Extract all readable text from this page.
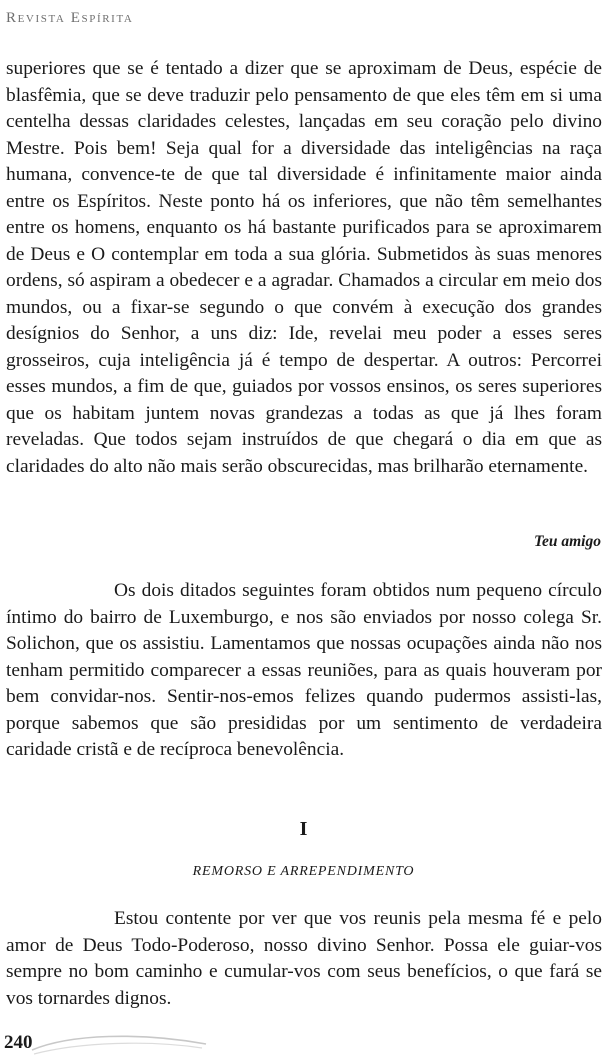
Revista Espírita
superiores que se é tentado a dizer que se aproximam de Deus, espécie de blasfêmia, que se deve traduzir pelo pensamento de que eles têm em si uma centelha dessas claridades celestes, lançadas em seu coração pelo divino Mestre. Pois bem! Seja qual for a diversidade das inteligências na raça humana, convence-te de que tal diversidade é infinitamente maior ainda entre os Espíritos. Neste ponto há os inferiores, que não têm semelhantes entre os homens, enquanto os há bastante purificados para se aproximarem de Deus e O contemplar em toda a sua glória. Submetidos às suas menores ordens, só aspiram a obedecer e a agradar. Chamados a circular em meio dos mundos, ou a fixar-se segundo o que convém à execução dos grandes desígnios do Senhor, a uns diz: Ide, revelai meu poder a esses seres grosseiros, cuja inteligência já é tempo de despertar. A outros: Percorrei esses mundos, a fim de que, guiados por vossos ensinos, os seres superiores que os habitam juntem novas grandezas a todas as que já lhes foram reveladas. Que todos sejam instruídos de que chegará o dia em que as claridades do alto não mais serão obscurecidas, mas brilharão eternamente.
Teu amigo
Os dois ditados seguintes foram obtidos num pequeno círculo íntimo do bairro de Luxemburgo, e nos são enviados por nosso colega Sr. Solichon, que os assistiu. Lamentamos que nossas ocupações ainda não nos tenham permitido comparecer a essas reuniões, para as quais houveram por bem convidar-nos. Sentir-nos-emos felizes quando pudermos assisti-las, porque sabemos que são presididas por um sentimento de verdadeira caridade cristã e de recíproca benevolência.
I
REMORSO E ARREPENDIMENTO
Estou contente por ver que vos reunis pela mesma fé e pelo amor de Deus Todo-Poderoso, nosso divino Senhor. Possa ele guiar-vos sempre no bom caminho e cumular-vos com seus benefícios, o que fará se vos tornardes dignos.
240
